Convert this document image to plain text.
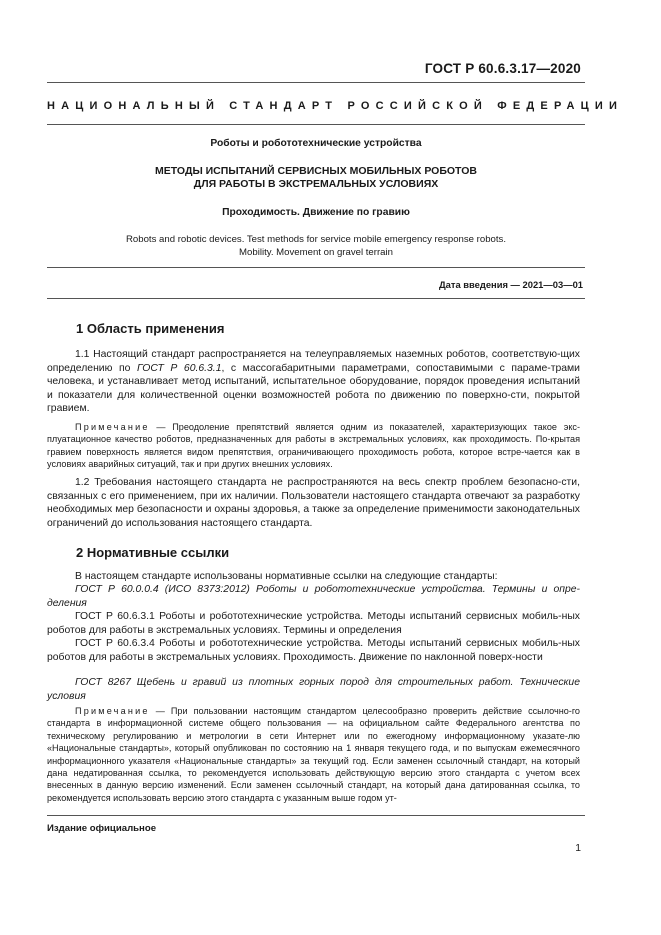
ГОСТ Р 60.6.3.17—2020
НАЦИОНАЛЬНЫЙ СТАНДАРТ РОССИЙСКОЙ ФЕДЕРАЦИИ
Роботы и робототехнические устройства
МЕТОДЫ ИСПЫТАНИЙ СЕРВИСНЫХ МОБИЛЬНЫХ РОБОТОВ
ДЛЯ РАБОТЫ В ЭКСТРЕМАЛЬНЫХ УСЛОВИЯХ
Проходимость. Движение по гравию
Robots and robotic devices. Test methods for service mobile emergency response robots.
Mobility. Movement on gravel terrain
Дата введения — 2021—03—01
1 Область применения
1.1 Настоящий стандарт распространяется на телеуправляемых наземных роботов, соответствую-щих определению по ГОСТ Р 60.6.3.1, с массогабаритными параметрами, сопоставимыми с параме-трами человека, и устанавливает метод испытаний, испытательное оборудование, порядок проведения испытаний и показатели для количественной оценки возможностей робота по движению по поверхно-сти, покрытой гравием.
Примечание — Преодоление препятствий является одним из показателей, характеризующих такое экс-плуатационное качество роботов, предназначенных для работы в экстремальных условиях, как проходимость. По-крытая гравием поверхность является видом препятствия, ограничивающего проходимость робота, которое встре-чается как в условиях аварийных ситуаций, так и при других внешних условиях.
1.2 Требования настоящего стандарта не распространяются на весь спектр проблем безопасно-сти, связанных с его применением, при их наличии. Пользователи настоящего стандарта отвечают за разработку необходимых мер безопасности и охраны здоровья, а также за определение применимости законодательных ограничений до использования настоящего стандарта.
2 Нормативные ссылки
В настоящем стандарте использованы нормативные ссылки на следующие стандарты:
ГОСТ Р 60.0.0.4 (ИСО 8373:2012) Роботы и робототехнические устройства. Термины и опре-деления
ГОСТ Р 60.6.3.1 Роботы и робототехнические устройства. Методы испытаний сервисных мобиль-ных роботов для работы в экстремальных условиях. Термины и определения
ГОСТ Р 60.6.3.4 Роботы и робототехнические устройства. Методы испытаний сервисных мобиль-ных роботов для работы в экстремальных условиях. Проходимость. Движение по наклонной поверх-ности
ГОСТ 8267 Щебень и гравий из плотных горных пород для строительных работ. Технические условия
Примечание — При пользовании настоящим стандартом целесообразно проверить действие ссылочно-го стандарта в информационной системе общего пользования — на официальном сайте Федерального агентства по техническому регулированию и метрологии в сети Интернет или по ежегодному информационному указате-лю «Национальные стандарты», который опубликован по состоянию на 1 января текущего года, и по выпускам ежемесячного информационного указателя «Национальные стандарты» за текущий год. Если заменен ссылочный стандарт, на который дана недатированная ссылка, то рекомендуется использовать действующую версию этого стандарта с учетом всех внесенных в данную версию изменений. Если заменен ссылочный стандарт, на который дана датированная ссылка, то рекомендуется использовать версию этого стандарта с указанным выше годом ут-
Издание официальное
1
